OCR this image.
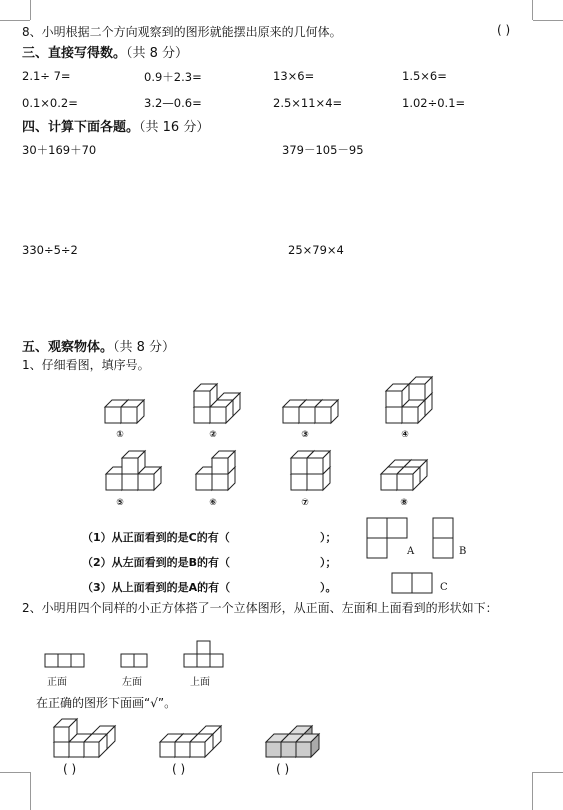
8、小明根据二个方向观察到的图形就能摆出原来的几何体。	( )
三、直接写得数。（共 8 分）
2.1÷ 7=	0.9＋2.3=	13×6=	1.5×6=
0.1×0.2=	3.2—0.6=	2.5×11×4=	1.02÷0.1=
四、计算下面各题。（共 16 分）
30＋169＋70	379－105－95
330÷5÷2	25×79×4
五、观察物体。（共 8 分）
1、仔细看图，填序号。
①	②	③	④
⑤	⑥	⑦	⑧
A	B
C
（1）从正面看到的是C的有（	）；
（2）从左面看到的是B的有（	）；
（3）从上面看到的是A的有（	）。
2、小明用四个同样的小正方体搭了一个立体图形，从正面、左面和上面看到的形状如下：
正面	左面	上面
在正确的图形下面画“√”。
( )	( )	( )
